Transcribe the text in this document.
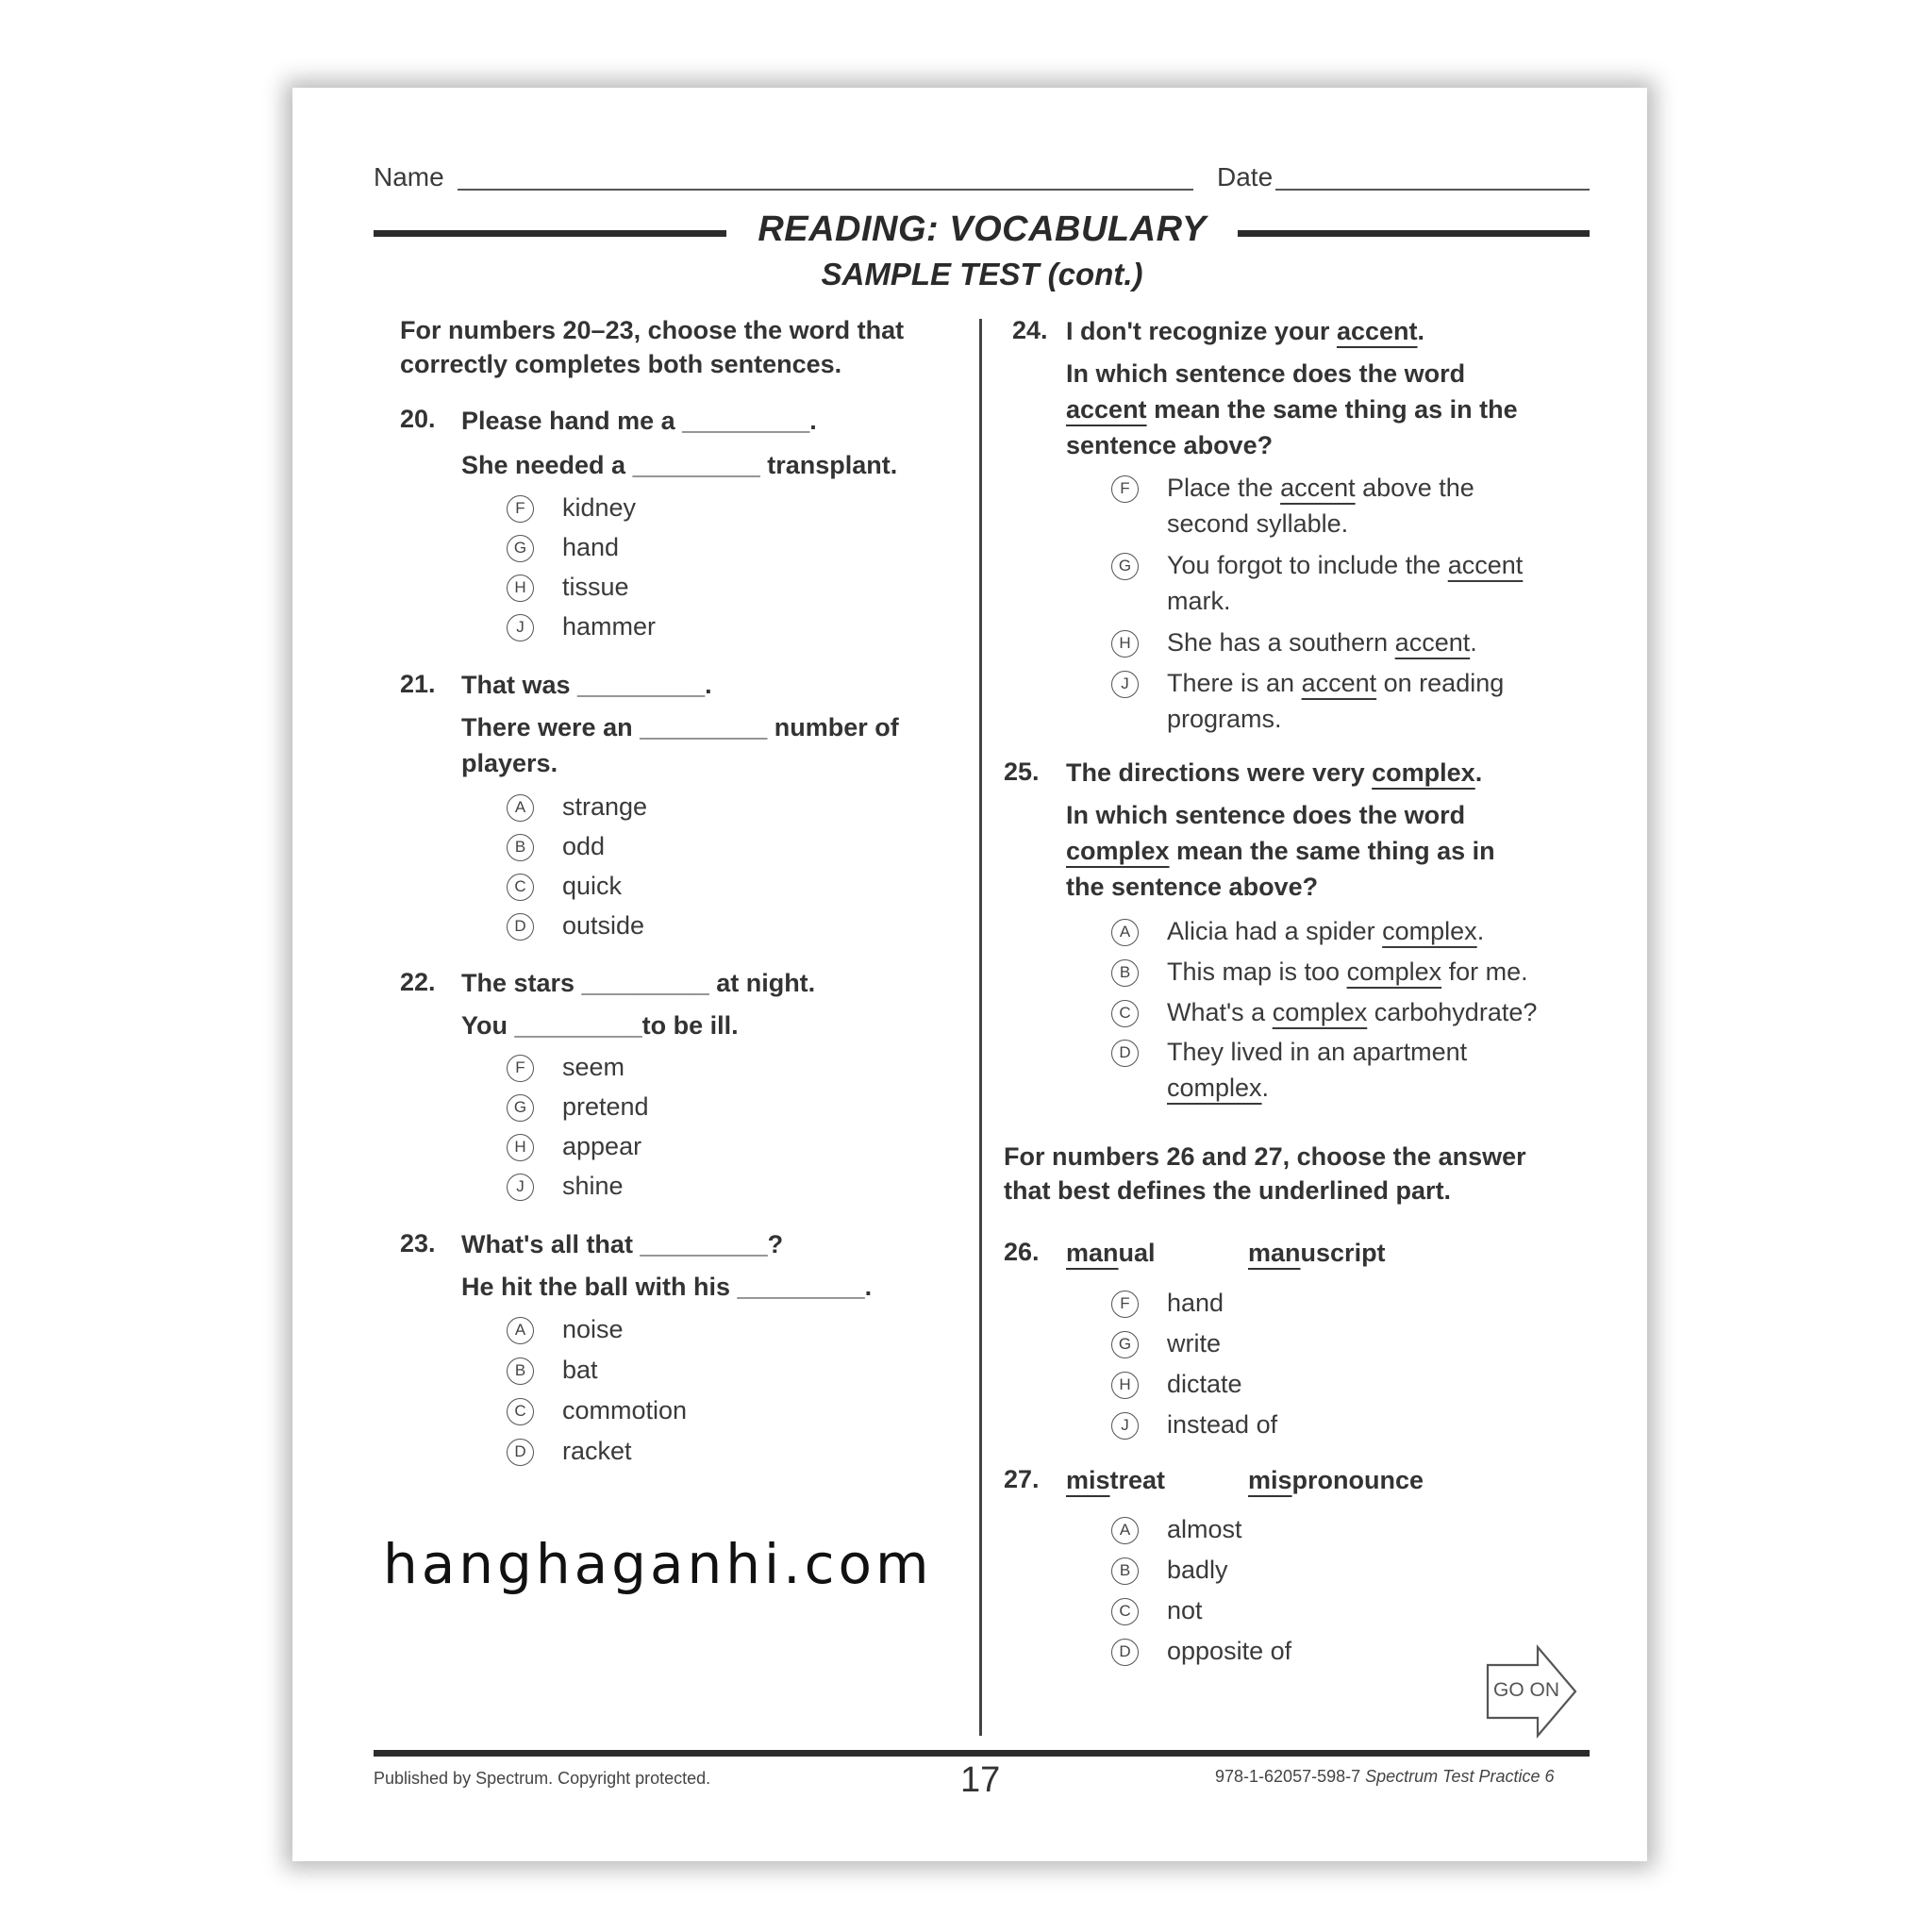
Name	Date
READING: VOCABULARY
SAMPLE TEST (cont.)
For numbers 20–23, choose the word that correctly completes both sentences.
20. Please hand me a _________.
She needed a _________ transplant.
F	kidney
G hand
H	tissue
J	hammer
21. That was _________.
There were an _________ number of
players.
A	strange
B	odd
C	quick
D	outside
22. The stars _________ at night.
You _________to be ill.
F	seem
G pretend
H	appear
J	shine
23. What's all that _________?
He hit the ball with his _________.
A	noise
B	bat
C	commotion
D	racket
hanghaganhi.com
24. I don't recognize your accent.
In which sentence does the word
accent mean the same thing as in the
sentence above?
F	Place the accent above the
second syllable.
G You forgot to include the accent
mark.
H	She has a southern accent.
J	There is an accent on reading
programs.
25. The directions were very complex.
In which sentence does the word
complex mean the same thing as in
the sentence above?
A	Alicia had a spider complex.
B	This map is too complex for me.
C	What's a complex carbohydrate?
D	They lived in an apartment
complex.
For numbers 26 and 27, choose the answer that best defines the underlined part.
26. manual	manuscript
F	hand
G write
H	dictate
J	instead of
27. mistreat	mispronounce
A	almost
B	badly
C	not
D	opposite of
GO ON
Published by Spectrum. Copyright protected.	17	978-1-62057-598-7 Spectrum Test Practice 6
